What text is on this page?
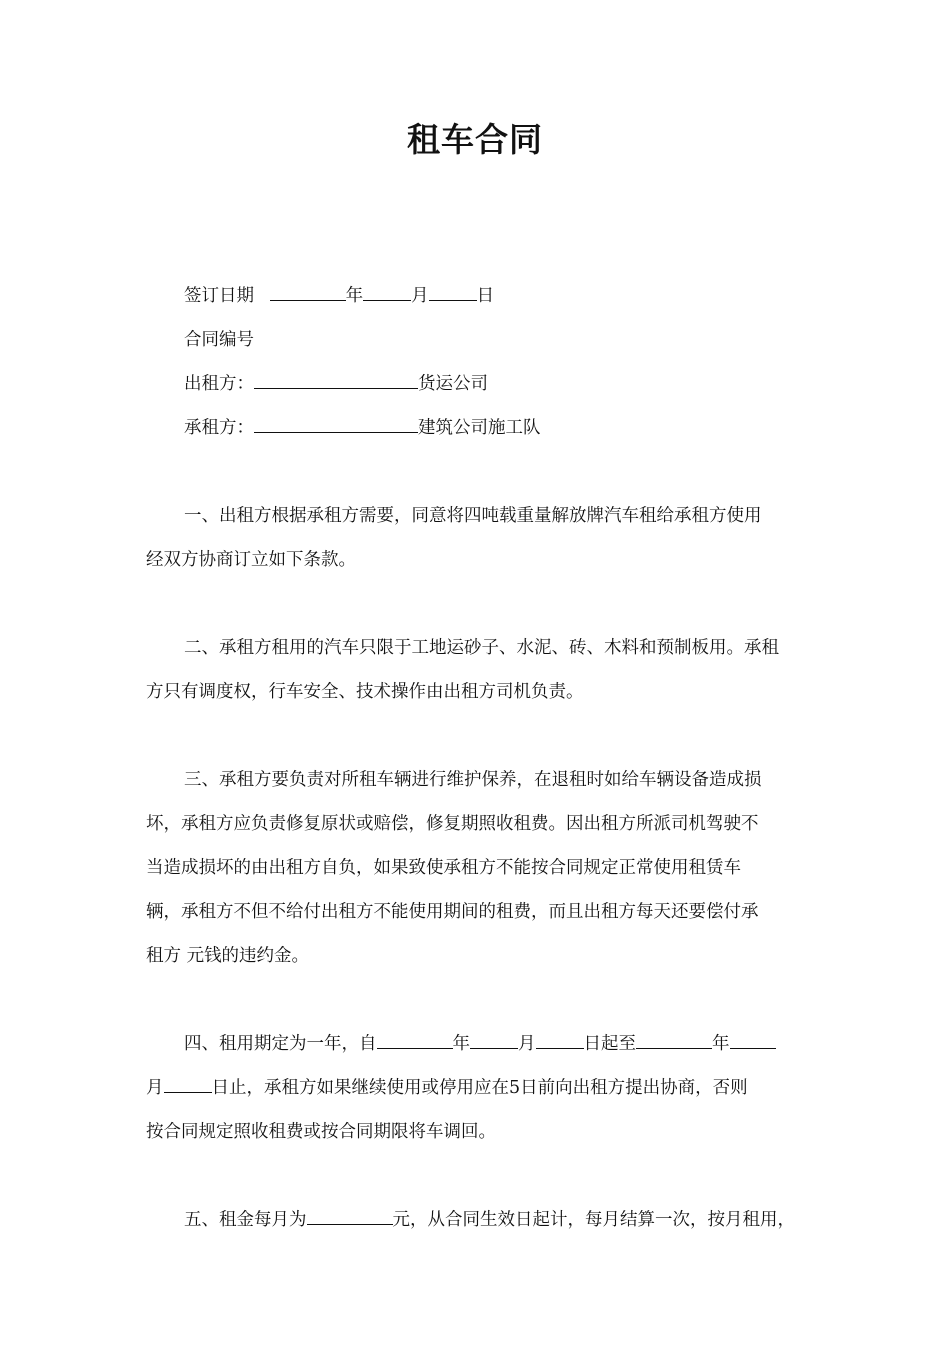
租车合同
签订日期	年	月	日
合同编号
出租方：	货运公司
承租方：	建筑公司施工队
一、出租方根据承租方需要，同意将四吨载重量解放牌汽车租给承租方使用
经双方协商订立如下条款。
二、承租方租用的汽车只限于工地运砂子、水泥、砖、木料和预制板用。承租
方只有调度权，行车安全、技术操作由出租方司机负责。
三、承租方要负责对所租车辆进行维护保养，在退租时如给车辆设备造成损
坏，承租方应负责修复原状或赔偿，修复期照收租费。因出租方所派司机驾驶不
当造成损坏的由出租方自负，如果致使承租方不能按合同规定正常使用租赁车
辆，承租方不但不给付出租方不能使用期间的租费，而且出租方每天还要偿付承
租方 元钱的违约金。
四、租用期定为一年，自	年	月	日起至	年
月	日止，承租方如果继续使用或停用应在5日前向出租方提出协商，否则
按合同规定照收租费或按合同期限将车调回。
五、租金每月为	元，从合同生效日起计，每月结算一次，按月租用，
